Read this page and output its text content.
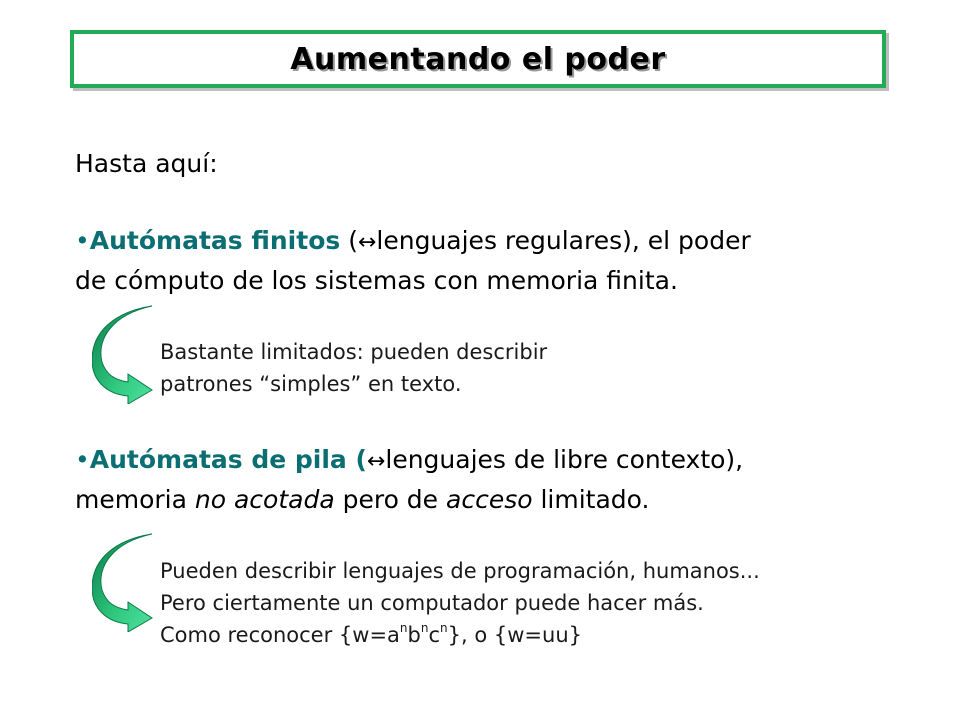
Aumentando el poder
Hasta aquí:
•Autómatas finitos (↔lenguajes regulares), el poder
de cómputo de los sistemas con memoria finita.
Bastante limitados: pueden describir
patrones “simples” en texto.
•Autómatas de pila (↔lenguajes de libre contexto),
memoria no acotada pero de acceso limitado.
Pueden describir lenguajes de programación, humanos...
Pero ciertamente un computador puede hacer más.
Como reconocer $\{w=a^nb^nc^n\}$, o {w=uu}
